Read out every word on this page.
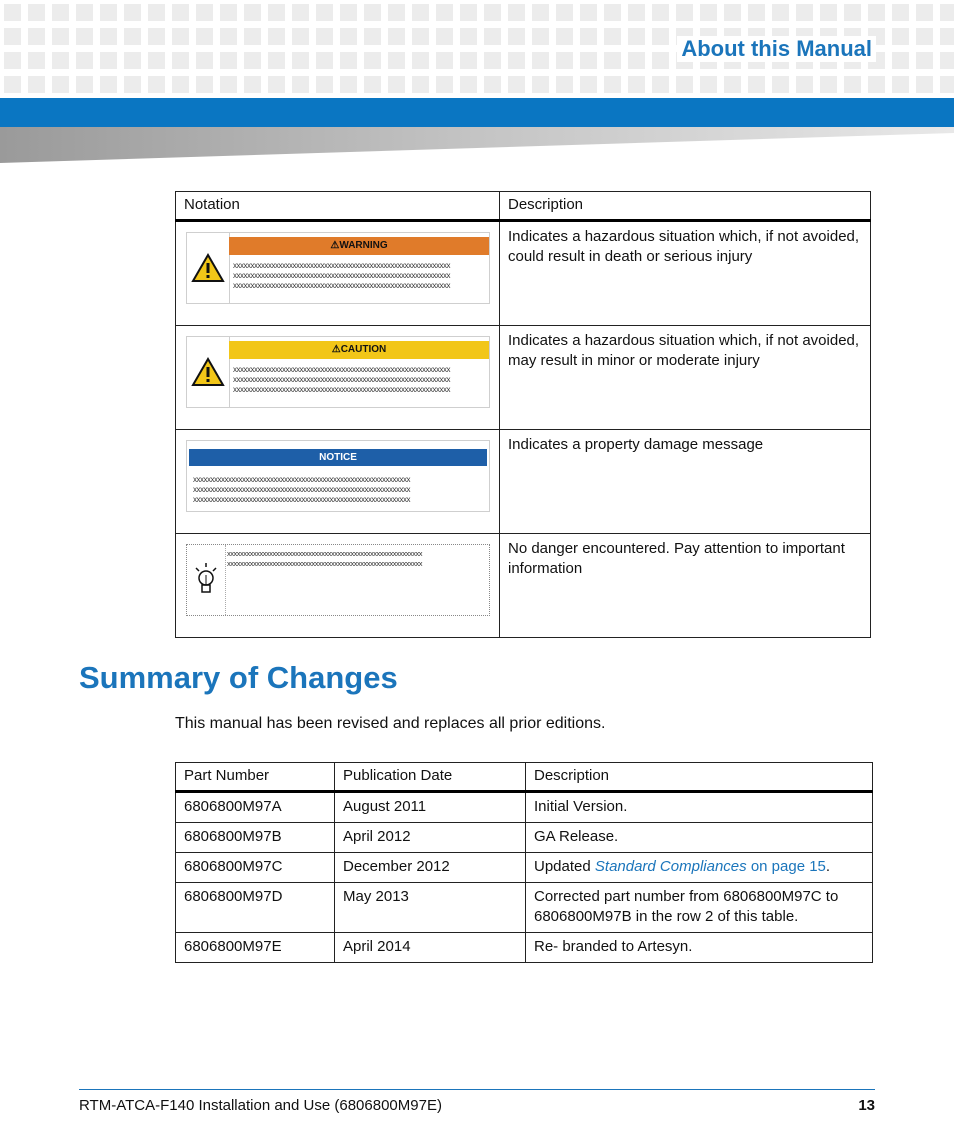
About this Manual
Notation	Description

⚠ WARNING
xxxxxxxxxxxxxxxxxxxxxxxxxxxxxxxxxxxxxxxxxxxxxxxxxxxxxxxxxxxxxx
xxxxxxxxxxxxxxxxxxxxxxxxxxxxxxxxxxxxxxxxxxxxxxxxxxxxxxxxxxxxxx
xxxxxxxxxxxxxxxxxxxxxxxxxxxxxxxxxxxxxxxxxxxxxxxxxxxxxxxxxxxxxx	Indicates a hazardous situation which, if not avoided, could result in death or serious injury

⚠ CAUTION
xxxxxxxxxxxxxxxxxxxxxxxxxxxxxxxxxxxxxxxxxxxxxxxxxxxxxxxxxxxxxx
xxxxxxxxxxxxxxxxxxxxxxxxxxxxxxxxxxxxxxxxxxxxxxxxxxxxxxxxxxxxxx
xxxxxxxxxxxxxxxxxxxxxxxxxxxxxxxxxxxxxxxxxxxxxxxxxxxxxxxxxxxxxx	Indicates a hazardous situation which, if not avoided, may result in minor or moderate injury

NOTICE
xxxxxxxxxxxxxxxxxxxxxxxxxxxxxxxxxxxxxxxxxxxxxxxxxxxxxxxxxxxxxx
xxxxxxxxxxxxxxxxxxxxxxxxxxxxxxxxxxxxxxxxxxxxxxxxxxxxxxxxxxxxxx
xxxxxxxxxxxxxxxxxxxxxxxxxxxxxxxxxxxxxxxxxxxxxxxxxxxxxxxxxxxxxx	Indicates a property damage message

xxxxxxxxxxxxxxxxxxxxxxxxxxxxxxxxxxxxxxxxxxxxxxxxxxxxxxxxxxxx
xxxxxxxxxxxxxxxxxxxxxxxxxxxxxxxxxxxxxxxxxxxxxxxxxxxxxxxxxxxx	No danger encountered. Pay attention to important information
Summary of Changes

This manual has been revised and replaces all prior editions.

Part Number	Publication Date	Description
6806800M97A	August 2011	Initial Version.
6806800M97B	April 2012	GA Release.
6806800M97C	December 2012	Updated Standard Compliances on page 15.
6806800M97D	May 2013	Corrected part number from 6806800M97C to 6806800M97B in the row 2 of this table.
6806800M97E	April 2014	Re- branded to Artesyn.
RTM-ATCA-F140 Installation and Use (6806800M97E)	13
